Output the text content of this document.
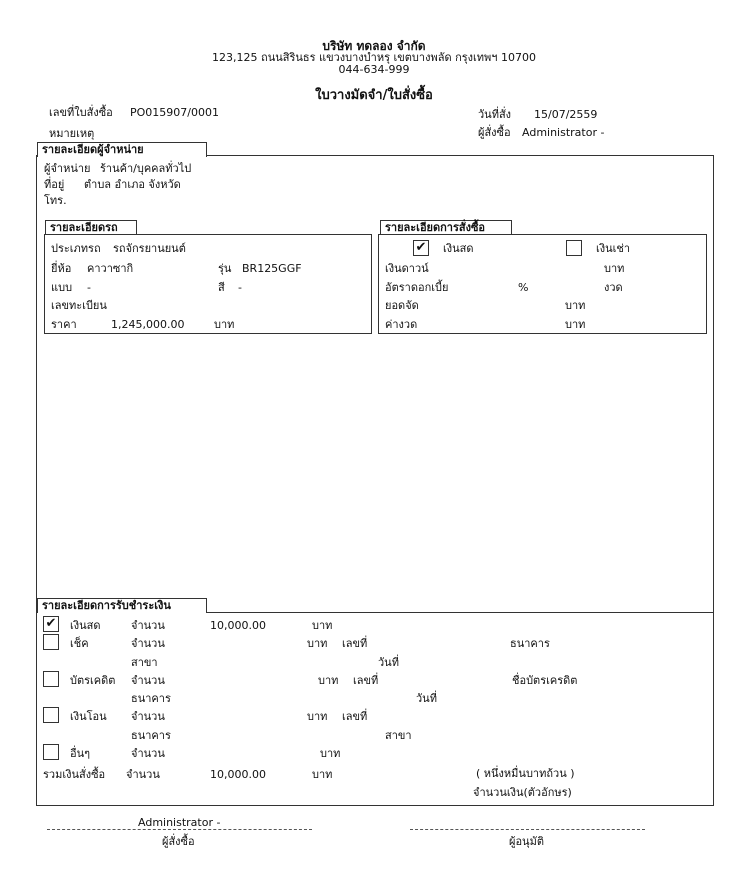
บริษัท ทดลอง จำกัด
123,125 ถนนสิรินธร แขวงบางบำหรุ เขตบางพลัด กรุงเทพฯ 10700
044-634-999
ใบวางมัดจำ/ใบสั่งซื้อ
เลขที่ใบสั่งซื้อ PO015907/0001	วันที่สั่ง 15/07/2559
หมายเหตุ	ผู้สั่งซื้อ Administrator -
รายละเอียดผู้จำหน่าย
ผู้จำหน่าย ร้านค้า/บุคคลทั่วไป
ที่อยู่ ตำบล อำเภอ จังหวัด
โทร.
รายละเอียดรถ
ประเภทรถ รถจักรยานยนต์
ยี่ห้อ คาวาซากิ	รุ่น BR125GGF
แบบ -	สี -
เลขทะเบียน
ราคา	1,245,000.00	บาท
รายละเอียดการสั่งซื้อ
✔ เงินสด	เงินเช่า
เงินดาวน์	บาท
อัตราดอกเบี้ย	%	งวด
ยอดจัด	บาท
ค่างวด	บาท
รายละเอียดการรับชำระเงิน
✔ เงินสด	จำนวน	10,000.00	บาท
เช็ค	จำนวน	บาท เลขที่	ธนาคาร
สาขา	วันที่
บัตรเคดิต จำนวน	บาท เลขที่	ชื่อบัตรเครดิต
ธนาคาร	วันที่
เงินโอน จำนวน	บาท เลขที่
ธนาคาร	สาขา
อื่นๆ	จำนวน	บาท
รวมเงินสั่งซื้อ จำนวน	10,000.00	บาท	( หนึ่งหมื่นบาทถ้วน )
จำนวนเงิน(ตัวอักษร)
Administrator -
ผู้สั่งซื้อ	ผู้อนุมัติ
